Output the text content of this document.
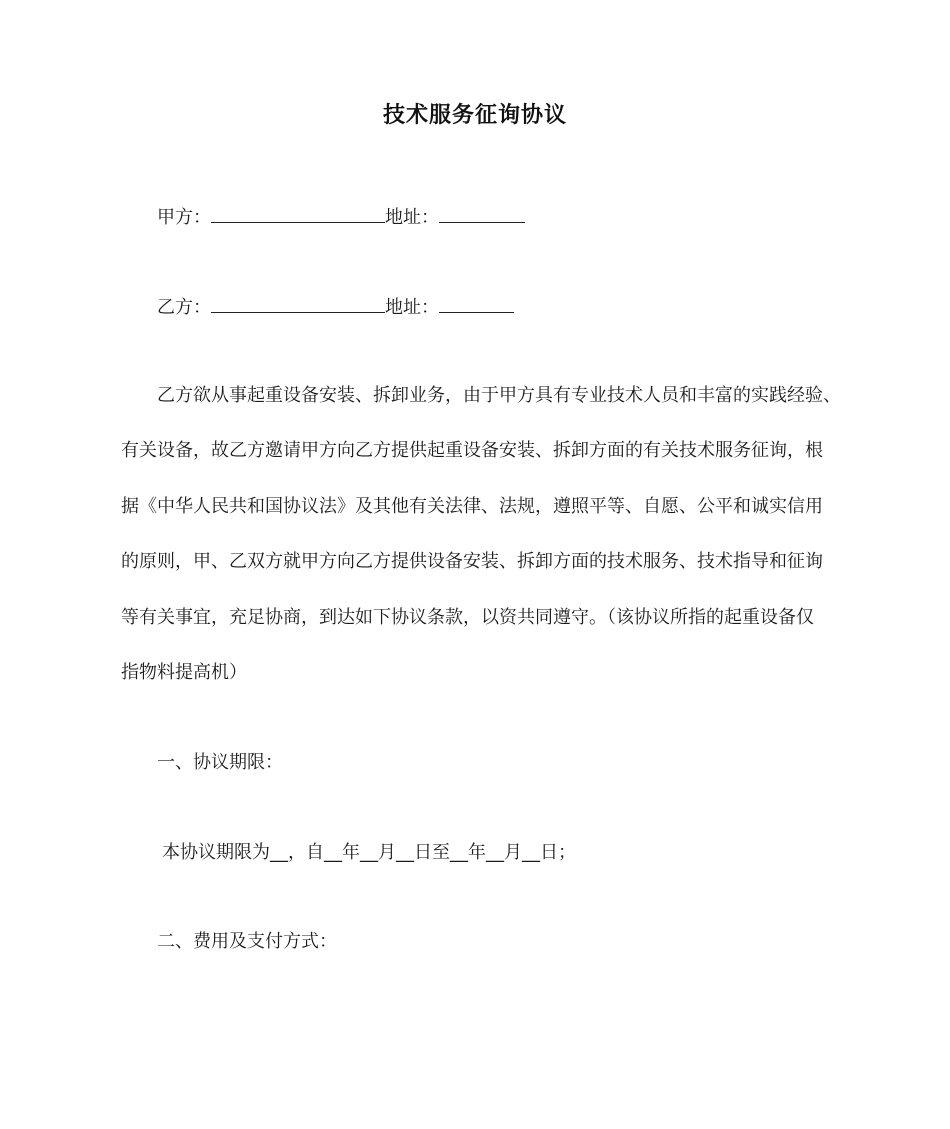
技术服务征询协议
甲方：	地址：
乙方：	地址：
乙方欲从事起重设备安装、拆卸业务，由于甲方具有专业技术人员和丰富的实践经验、
有关设备，故乙方邀请甲方向乙方提供起重设备安装、拆卸方面的有关技术服务征询，根
据《中华人民共和国协议法》及其他有关法律、法规，遵照平等、自愿、公平和诚实信用
的原则，甲、乙双方就甲方向乙方提供设备安装、拆卸方面的技术服务、技术指导和征询
等有关事宜，充足协商，到达如下协议条款，以资共同遵守。（该协议所指的起重设备仅
指物料提高机）
一、协议期限：
本协议期限为__，自__年__月__日至__年__月__日；
二、费用及支付方式：
